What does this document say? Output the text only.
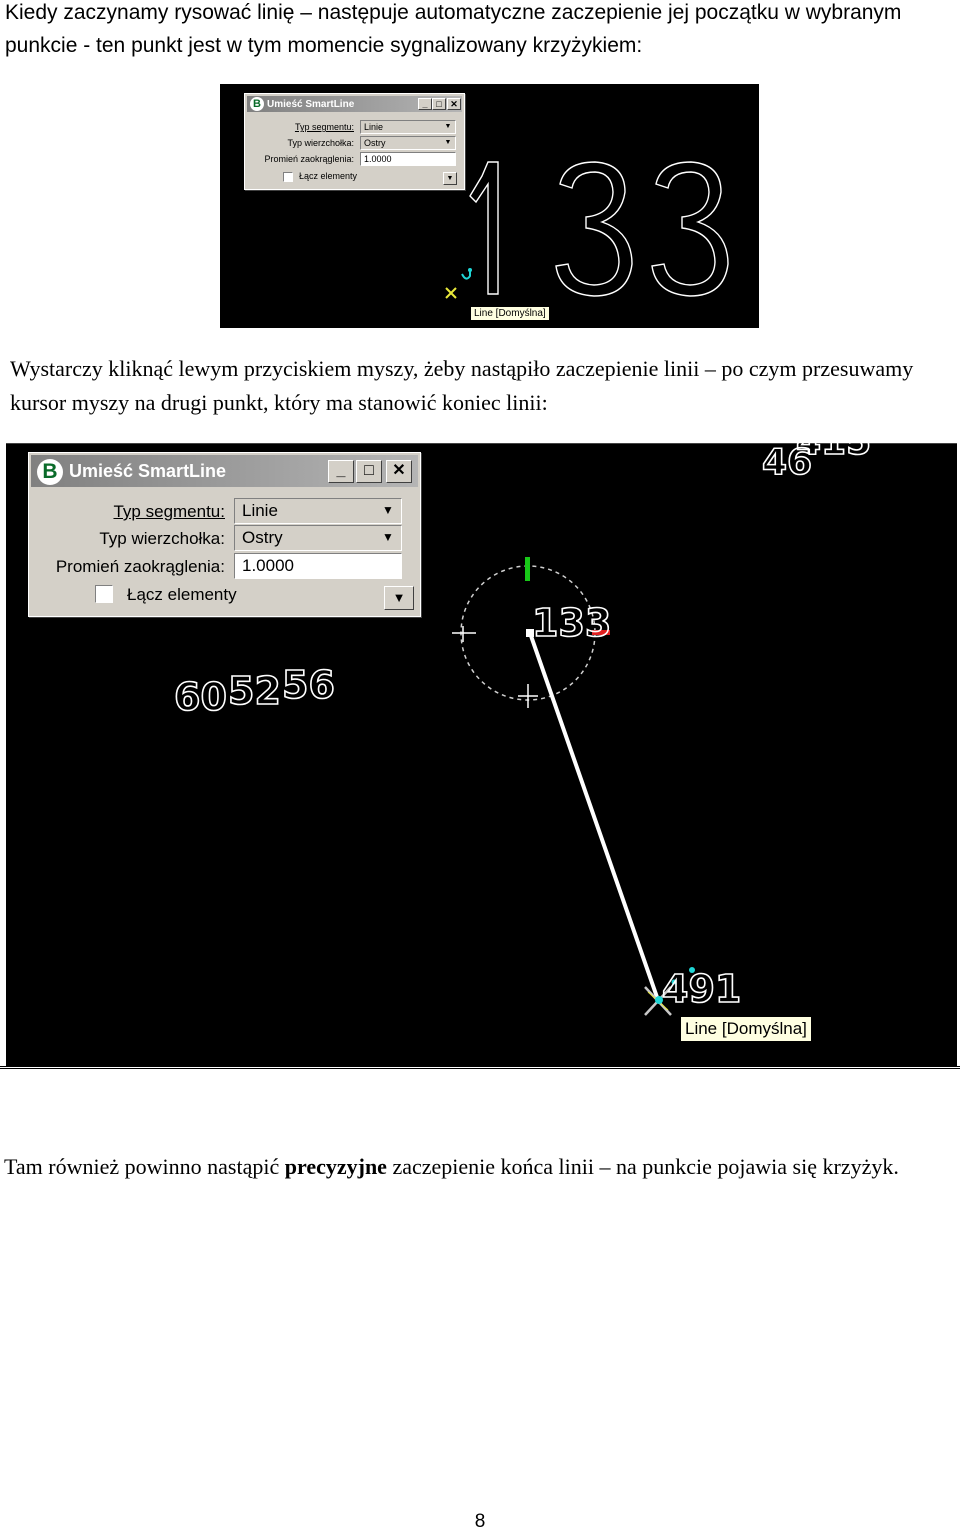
Kiedy zaczynamy rysować linię – następuje automatyczne zaczepienie jej początku w wybranym punkcie - ten punkt jest w tym momencie sygnalizowany krzyżykiem:

B Umieść SmartLine	_ □ ✕
Typ segmentu:	Linie	▼
Typ wierzchołka:	Ostry	▼
Promień zaokrąglenia:	1.0000
Łącz elementy	▼
Line [Domyślna]

Wystarczy kliknąć lewym przyciskiem myszy, żeby nastąpiło zaczepienie linii – po czym przesuwamy kursor myszy na drugi punkt, który ma stanowić koniec linii:

46
415
60 52 56
133
491
B Umieść SmartLine	_	□	✕
Typ segmentu:	Linie	▼
Typ wierzchołka:	Ostry	▼
Promień zaokrąglenia:	1.0000
Łącz elementy	▼
Line [Domyślna]

Tam również powinno nastąpić precyzyjne zaczepienie końca linii – na punkcie pojawia się krzyżyk.

8
